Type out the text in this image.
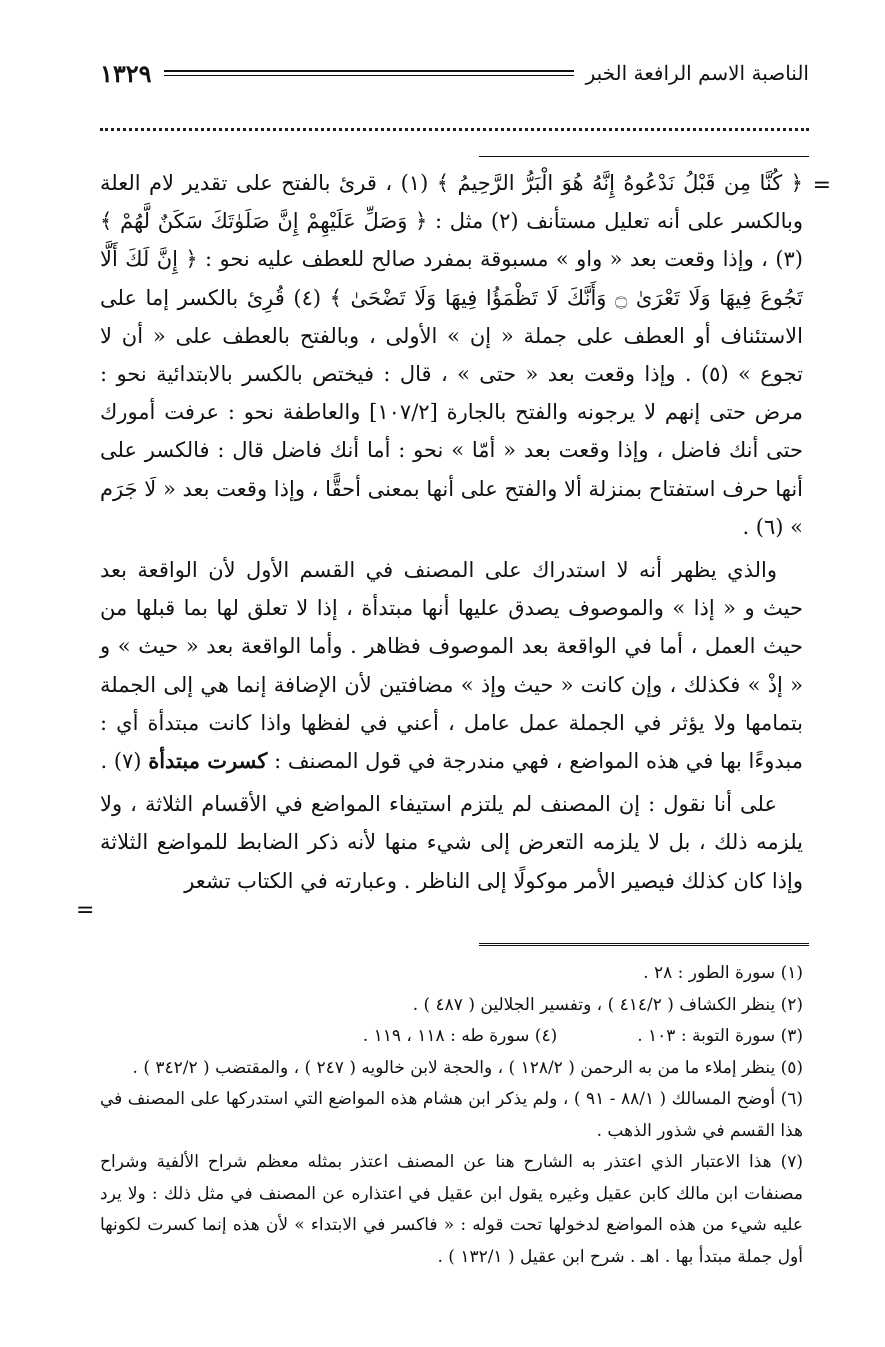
الناصبة الاسم الرافعة الخبر
١٣٢٩
=
=

﴿ كُنَّا مِن قَبْلُ نَدْعُوهُ إِنَّهُ هُوَ الْبَرُّ الرَّحِيمُ ﴾ (١) ، قرئ بالفتح على تقدير لام العلة وبالكسر على أنه تعليل مستأنف (٢) مثل : ﴿ وَصَلِّ عَلَيْهِمْ إِنَّ صَلَوٰتَكَ سَكَنٌ لَّهُمْ ﴾ (٣) ، وإذا وقعت بعد « واو » مسبوقة بمفرد صالح للعطف عليه نحو : ﴿ إِنَّ لَكَ أَلَّا تَجُوعَ فِيهَا وَلَا تَعْرَىٰ ۝ وَأَنَّكَ لَا تَظْمَؤُا فِيهَا وَلَا تَضْحَىٰ ﴾ (٤) قُرِئ بالكسر إما على الاستئناف أو العطف على جملة « إن » الأولى ، وبالفتح بالعطف على « أن لا تجوع » (٥) . وإذا وقعت بعد « حتى » ، قال : فيختص بالكسر بالابتدائية نحو : مرض حتى إنهم لا يرجونه والفتح بالجارة [١٠٧/٢] والعاطفة نحو : عرفت أمورك حتى أنك فاضل ، وإذا وقعت بعد « أمّا » نحو : أما أنك فاضل قال : فالكسر على أنها حرف استفتاح بمنزلة ألا والفتح على أنها بمعنى أحقًّا ، وإذا وقعت بعد « لَا جَرَم » (٦) .

والذي يظهر أنه لا استدراك على المصنف في القسم الأول لأن الواقعة بعد حيث و « إذا » والموصوف يصدق عليها أنها مبتدأة ، إذا لا تعلق لها بما قبلها من حيث العمل ، أما في الواقعة بعد الموصوف فظاهر . وأما الواقعة بعد « حيث » و « إذْ » فكذلك ، وإن كانت « حيث وإذ » مضافتين لأن الإضافة إنما هي إلى الجملة بتمامها ولا يؤثر في الجملة عمل عامل ، أعني في لفظها واذا كانت مبتدأة أي : مبدوءًا بها في هذه المواضع ، فهي مندرجة في قول المصنف : كسرت مبتدأة (٧) .

على أنا نقول : إن المصنف لم يلتزم استيفاء المواضع في الأقسام الثلاثة ، ولا يلزمه ذلك ، بل لا يلزمه التعرض إلى شيء منها لأنه ذكر الضابط للمواضع الثلاثة وإذا كان كذلك فيصير الأمر موكولًا إلى الناظر . وعبارته في الكتاب تشعر

(١) سورة الطور : ٢٨ .

(٢) ينظر الكشاف ( ٤١٤/٢ ) ، وتفسير الجلالين ( ٤٨٧ ) .

(٣) سورة التوبة : ١٠٣ .
(٤) سورة طه : ١١٨ ، ١١٩ .

(٥) ينظر إملاء ما من به الرحمن ( ١٢٨/٢ ) ، والحجة لابن خالويه ( ٢٤٧ ) ، والمقتضب ( ٣٤٢/٢ ) .

(٦) أوضح المسالك ( ٨٨/١ - ٩١ ) ، ولم يذكر ابن هشام هذه المواضع التي استدركها على المصنف في هذا القسم في شذور الذهب .

(٧) هذا الاعتبار الذي اعتذر به الشارح هنا عن المصنف اعتذر بمثله معظم شراح الألفية وشراح مصنفات ابن مالك كابن عقيل وغيره يقول ابن عقيل في اعتذاره عن المصنف في مثل ذلك : ولا يرد عليه شيء من هذه المواضع لدخولها تحت قوله : « فاكسر في الابتداء » لأن هذه إنما كسرت لكونها أول جملة مبتدأ بها . اهـ . شرح ابن عقيل ( ١٣٢/١ ) .
